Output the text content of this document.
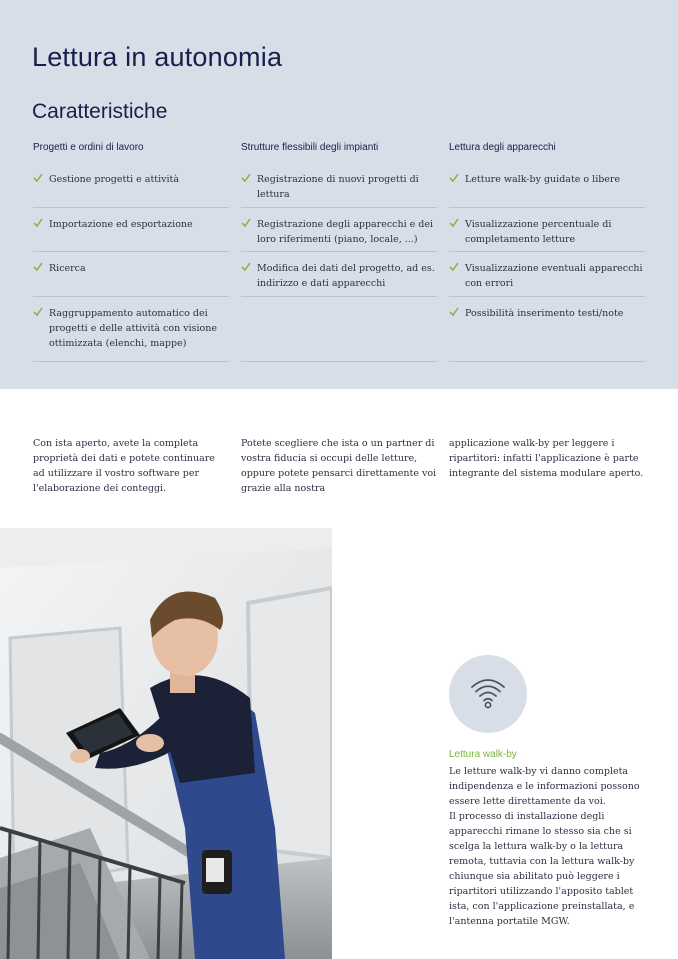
Lettura in autonomia
Caratteristiche
Progetti e ordini di lavoro
Gestione progetti e attività
Importazione ed esportazione
Ricerca
Raggruppamento automatico dei progetti e delle attività con visione ottimizzata (elenchi, mappe)
Strutture flessibili degli impianti
Registrazione di nuovi progetti di lettura
Registrazione degli apparecchi e dei loro riferimenti (piano, locale, ...)
Modifica dei dati del progetto, ad es. indirizzo e dati apparecchi
Lettura degli apparecchi
Letture walk-by guidate o libere
Visualizzazione percentuale di completamento letture
Visualizzazione eventuali apparecchi con errori
Possibilità inserimento testi/note
Con ista aperto, avete la completa proprietà dei dati e potete continuare ad utilizzare il vostro software per l'elaborazione dei conteggi.
Potete scegliere che ista o un partner di vostra fiducia si occupi delle letture, oppure potete pensarci direttamente voi grazie alla nostra
applicazione walk-by per leggere i ripartitori: infatti l'applicazione è parte integrante del sistema modulare aperto.
Lettura walk-by

Le letture walk-by vi danno completa indipendenza e le informazioni possono essere lette direttamente da voi.

Il processo di installazione degli apparecchi rimane lo stesso sia che si scelga la lettura walk-by o la lettura remota, tuttavia con la lettura walk-by chiunque sia abilitato può leggere i ripartitori utilizzando l'apposito tablet ista, con l'applicazione preinstallata, e l'antenna portatile MGW.
